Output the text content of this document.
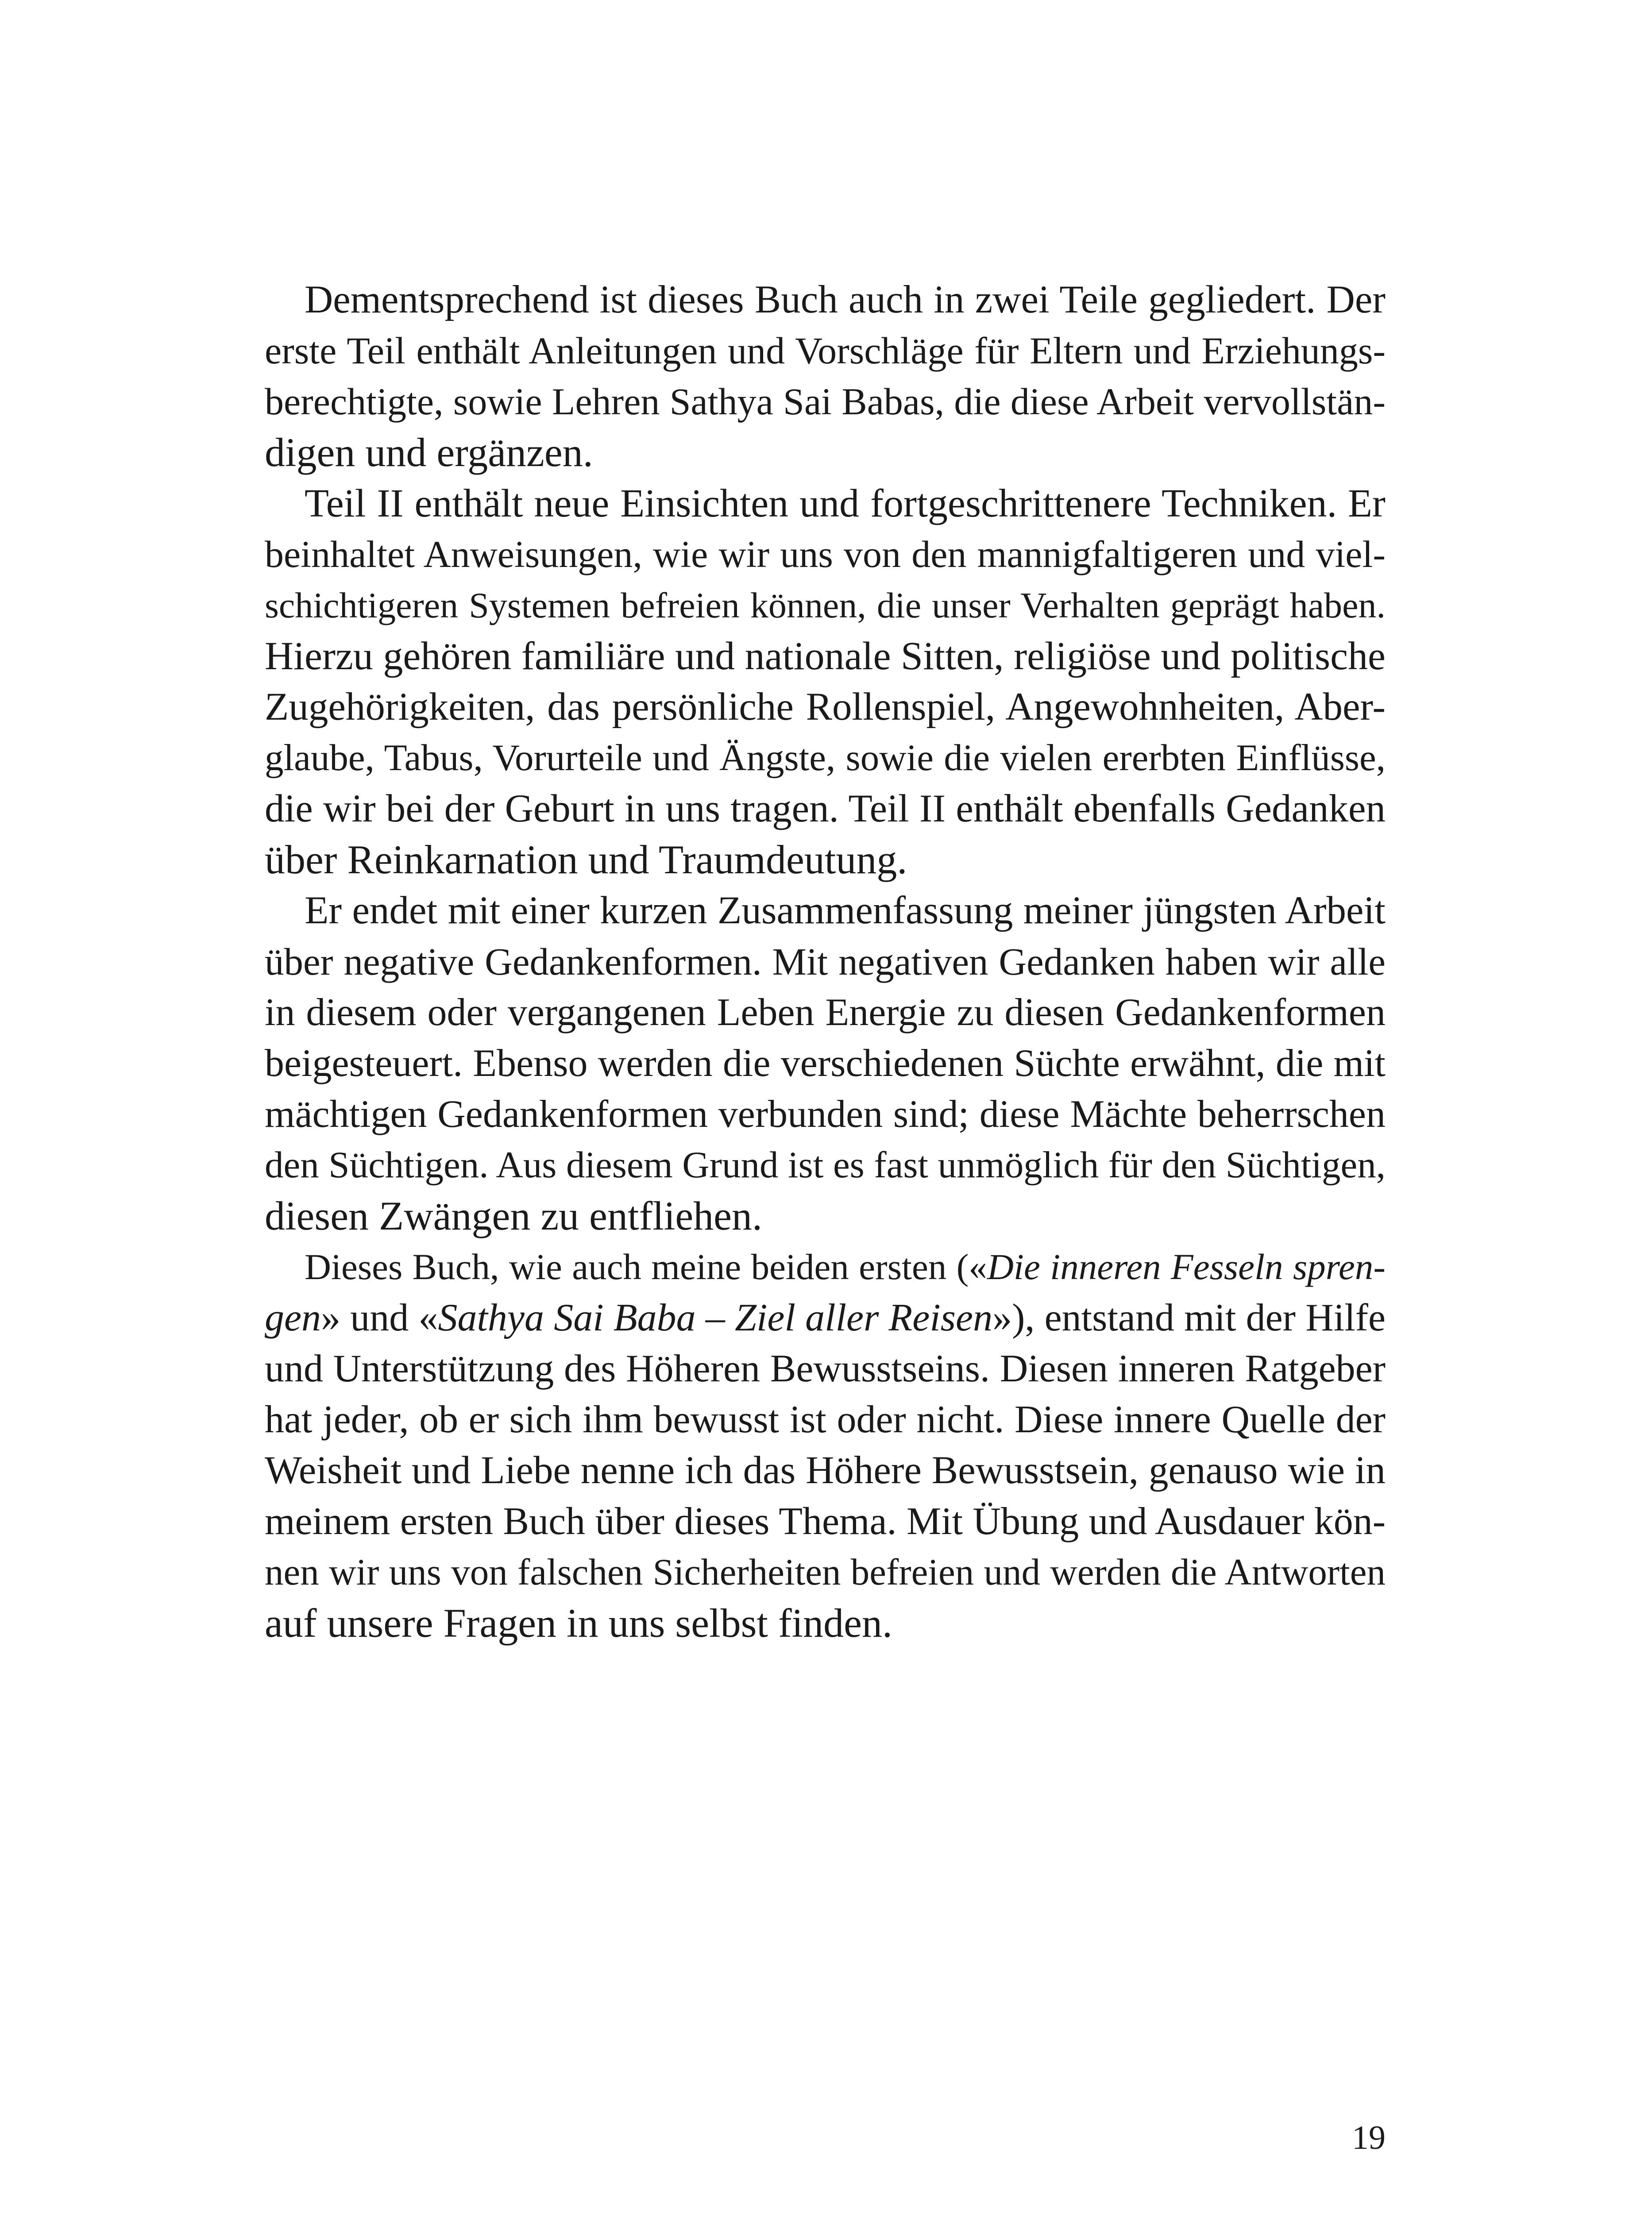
Dementsprechend ist dieses Buch auch in zwei Teile gegliedert. Der
erste Teil enthält Anleitungen und Vorschläge für Eltern und Erziehungs-
berechtigte, sowie Lehren Sathya Sai Babas, die diese Arbeit vervollstän-
digen und ergänzen.
Teil II enthält neue Einsichten und fortgeschrittenere Techniken. Er
beinhaltet Anweisungen, wie wir uns von den mannigfaltigeren und viel-
schichtigeren Systemen befreien können, die unser Verhalten geprägt haben.
Hierzu gehören familiäre und nationale Sitten, religiöse und politische
Zugehörigkeiten, das persönliche Rollenspiel, Angewohnheiten, Aber-
glaube, Tabus, Vorurteile und Ängste, sowie die vielen ererbten Einflüsse,
die wir bei der Geburt in uns tragen. Teil II enthält ebenfalls Gedanken
über Reinkarnation und Traumdeutung.
Er endet mit einer kurzen Zusammenfassung meiner jüngsten Arbeit
über negative Gedankenformen. Mit negativen Gedanken haben wir alle
in diesem oder vergangenen Leben Energie zu diesen Gedankenformen
beigesteuert. Ebenso werden die verschiedenen Süchte erwähnt, die mit
mächtigen Gedankenformen verbunden sind; diese Mächte beherrschen
den Süchtigen. Aus diesem Grund ist es fast unmöglich für den Süchtigen,
diesen Zwängen zu entfliehen.
Dieses Buch, wie auch meine beiden ersten («Die inneren Fesseln spren-
gen» und «Sathya Sai Baba – Ziel aller Reisen»), entstand mit der Hilfe
und Unterstützung des Höheren Bewusstseins. Diesen inneren Ratgeber
hat jeder, ob er sich ihm bewusst ist oder nicht. Diese innere Quelle der
Weisheit und Liebe nenne ich das Höhere Bewusstsein, genauso wie in
meinem ersten Buch über dieses Thema. Mit Übung und Ausdauer kön-
nen wir uns von falschen Sicherheiten befreien und werden die Antworten
auf unsere Fragen in uns selbst finden.
19
